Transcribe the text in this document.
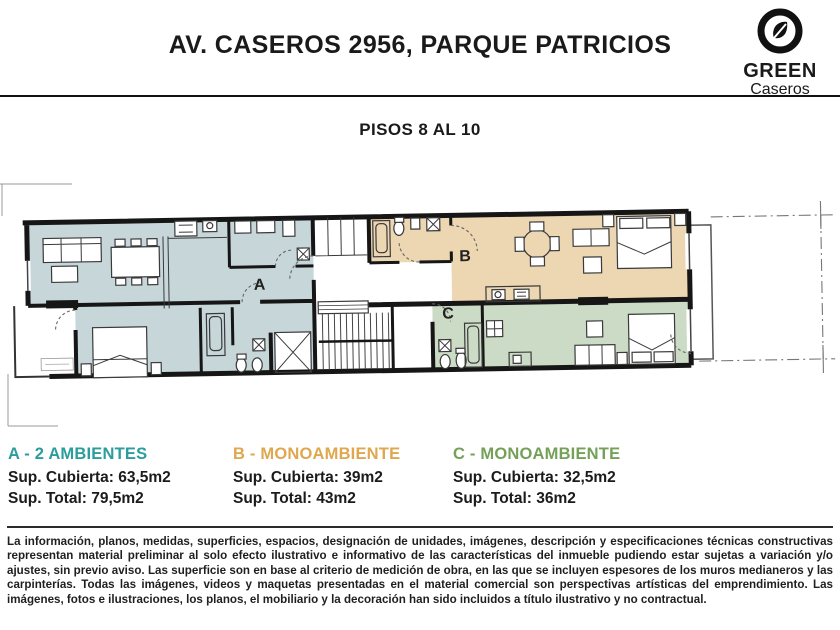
AV. CASEROS 2956, PARQUE PATRICIOS
GREEN
Caseros
PISOS 8 AL 10
A
B
C
A - 2 AMBIENTES

Sup. Cubierta: 63,5m2

Sup. Total: 79,5m2

B - MONOAMBIENTE

Sup. Cubierta: 39m2

Sup. Total: 43m2

C - MONOAMBIENTE

Sup. Cubierta: 32,5m2

Sup. Total: 36m2

La información, planos, medidas, superficies, espacios, designación de unidades, imágenes, descripción y especificaciones técnicas constructivas representan material preliminar al solo efecto ilustrativo e informativo de las características del inmueble pudiendo estar sujetas a variación y/o ajustes, sin previo aviso. Las superficie son en base al criterio de medición de obra, en las que se incluyen espesores de los muros medianeros y las carpinterías. Todas las imágenes, videos y maquetas presentadas en el material comercial son perspectivas artísticas del emprendimiento. Las imágenes, fotos e ilustraciones, los planos, el mobiliario y la decoración han sido incluidos a título ilustrativo y no contractual.
